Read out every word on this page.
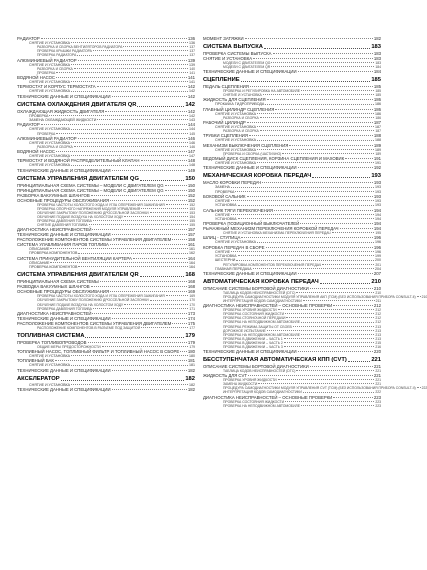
РАДИАТОР	136
СНЯТИЕ И УСТАНОВКА	136
РАЗБОРКА И СБОРКА ВЕНТИЛЯТОРОВ РАДИАТОРА	137
ПРОВЕРКА КРЫШКИ РАДИАТОРА	137
ПРОВЕРКА РАДИАТОРА	137
АЛЮМИНИЕВЫЙ РАДИАТОР	139
СНЯТИЕ И УСТАНОВКА	139
РАЗБОРКА И СБОРКА	140
ПРОВЕРКА	141
ВОДЯНОЙ НАСОС	141
СНЯТИЕ И УСТАНОВКА	141
ТЕРМОСТАТ И КОРПУС ТЕРМОСТАТА	142
СНЯТИЕ И УСТАНОВКА	142
ТЕХНИЧЕСКИЕ ДАННЫЕ И СПЕЦИФИКАЦИИ	142
СИСТЕМА ОХЛАЖДЕНИЯ ДВИГАТЕЛЯ QR	142
ОХЛАЖДАЮЩАЯ ЖИДКОСТЬ ДВИГАТЕЛЯ	142
ПРОВЕРКА	142
ЗАМЕНА ОХЛАЖДАЮЩЕЙ ЖИДКОСТИ	143
РАДИАТОР	144
СНЯТИЕ И УСТАНОВКА	144
ПРОВЕРКА	145
АЛЮМИНИЕВЫЙ РАДИАТОР	146
СНЯТИЕ И УСТАНОВКА	146
РАЗБОРКА И СБОРКА	146
ВОДЯНОЙ НАСОС	147
СНЯТИЕ И УСТАНОВКА	147
ТЕРМОСТАТ И ВОДЯНОЙ РАСПРЕДЕЛИТЕЛЬНЫЙ КЛАПАН	148
СНЯТИЕ И УСТАНОВКА	148
ТЕХНИЧЕСКИЕ ДАННЫЕ И СПЕЦИФИКАЦИИ	149
СИСТЕМА УПРАВЛЕНИЯ ДВИГАТЕЛЕМ QG	150
ПРИНЦИПИАЛЬНАЯ СХЕМА СИСТЕМЫ – МОДЕЛИ С ДВИГАТЕЛЕМ QG	150
ПРИНЦИПИАЛЬНАЯ СХЕМА СИСТЕМЫ – МОДЕЛИ С ДВИГАТЕЛЕМ QG	150
РАЗБОРКА ВАКУУМНЫХ ШЛАНГОВ	152
ОСНОВНЫЕ ПРОЦЕДУРЫ ОБСЛУЖИВАНИЯ	152
ПРОВЕРКА ЧАСТОТЫ ХОЛОСТОГО ХОДА И УГЛА ОПЕРЕЖЕНИЯ ЗАЖИГАНИЯ	152
ПРОВЕРКА ОПОРНОГО НАПРЯЖЕНИЯ МОДУЛЯ УПРАВЛЕНИЯ	153
ОБУЧЕНИЕ ЗАКРЫТОМУ ПОЛОЖЕНИЮ ДРОССЕЛЬНОЙ ЗАСЛОНКИ	153
ОБУЧЕНИЕ ПОДАЧЕ ВОЗДУХА НА ХОЛОСТОМ ХОДУ	154
ПРОВЕРКА ДАВЛЕНИЯ ТОПЛИВА	155
СНЯТИЕ ДАВЛЕНИЯ ТОПЛИВА	155
ДИАГНОСТИКА НЕИСПРАВНОСТЕЙ	157
ТЕХНИЧЕСКИЕ ДАННЫЕ И СПЕЦИФИКАЦИИ	157
РАСПОЛОЖЕНИЕ КОМПОНЕНТОВ СИСТЕМЫ УПРАВЛЕНИЯ ДВИГАТЕЛЕМ	158
СИСТЕМА УЛАВЛИВАНИЯ ПАРОВ ТОПЛИВА	161
ОПИСАНИЕ	161
ПРОВЕРКА КОМПОНЕНТОВ	162
СИСТЕМА ПРИНУДИТЕЛЬНОЙ ВЕНТИЛЯЦИИ КАРТЕРА	164
ОПИСАНИЕ	164
ПРОВЕРКА КОМПОНЕНТОВ	164
СИСТЕМА УПРАВЛЕНИЯ ДВИГАТЕЛЕМ QR	168
ПРИНЦИПИАЛЬНАЯ СХЕМА СИСТЕМЫ	168
РАЗВОДКА ВАКУУМНЫХ ШЛАНГОВ	168
ОСНОВНЫЕ ПРОЦЕДУРЫ ОБСЛУЖИВАНИЯ	169
ПРОВЕРКА ЧАСТОТЫ ХОЛОСТОГО ХОДА И УГЛА ОПЕРЕЖЕНИЯ ЗАЖИГАНИЯ	169
ОБУЧЕНИЕ ЗАКРЫТОМУ ПОЛОЖЕНИЮ ДРОССЕЛЬНОЙ ЗАСЛОНКИ	170
ОБУЧЕНИЕ ПОДАЧЕ ВОЗДУХА НА ХОЛОСТОМ ХОДУ	170
ПРОВЕРКА ДАВЛЕНИЯ ТОПЛИВА	171
ДИАГНОСТИКА НЕИСПРАВНОСТЕЙ	173
ТЕХНИЧЕСКИЕ ДАННЫЕ И СПЕЦИФИКАЦИИ	174
РАСПОЛОЖЕНИЕ КОМПОНЕНТОВ СИСТЕМЫ УПРАВЛЕНИЯ ДВИГАТЕЛЕМ	175
РАСПОЛОЖЕНИЕ КОМПОНЕНТОВ В РАЗЪЕМЕ ПОД ЗАЩИТОЙ	177
ТОПЛИВНАЯ СИСТЕМА	179
ПРОВЕРКА ТОПЛИВОПРОВОДОВ	179
ОБЩИЕ МЕРЫ ПРЕДОСТОРОЖНОСТИ	179
ТОПЛИВНЫЙ НАСОС, ТОПЛИВНЫЙ ФИЛЬТР И ТОПЛИВНЫЙ НАСОС В СБОРЕ 180
СНЯТИЕ И УСТАНОВКА	180
ТОПЛИВНЫЙ БАК	181
СНЯТИЕ И УСТАНОВКА	181
ТЕХНИЧЕСКИЕ ДАННЫЕ И СПЕЦИФИКАЦИИ	182
АКСЕЛЕРАТОР	182
СНЯТИЕ И УСТАНОВКА	182
ТЕХНИЧЕСКИЕ ДАННЫЕ И СПЕЦИФИКАЦИИ	182
МОМЕНТ ЗАТЯЖКИ	182
СИСТЕМА ВЫПУСКА	183
ПРОВЕРКА СИСТЕМЫ ВЫПУСКА	183
СНЯТИЕ И УСТАНОВКА	183
МОДЕЛИ С ДВИГАТЕЛЕМ QG	183
МОДЕЛИ С ДВИГАТЕЛЕМ QR	184
ТЕХНИЧЕСКИЕ ДАННЫЕ И СПЕЦИФИКАЦИИ	184
СЦЕПЛЕНИЕ	185
ПЕДАЛЬ СЦЕПЛЕНИЯ	185
ПРОВЕРКА И РЕГУЛИРОВКА НА АВТОМОБИЛЕ	185
СНЯТИЕ И УСТАНОВКА	185
ЖИДКОСТЬ ДЛЯ СЦЕПЛЕНИЯ	186
ПРОКАЧКА ГИДРОПРИВОДА	186
ГЛАВНЫЙ ЦИЛИНДР СЦЕПЛЕНИЯ	186
СНЯТИЕ И УСТАНОВКА	186
РАЗБОРКА И СБОРКА	186
РАБОЧИЙ ЦИЛИНДР	187
СНЯТИЕ И УСТАНОВКА	187
РАЗБОРКА И СБОРКА	187
ТРУБКИ СЦЕПЛЕНИЯ	188
СНЯТИЕ И УСТАНОВКА	188
МЕХАНИЗМ ВЫКЛЮЧЕНИЯ СЦЕПЛЕНИЯ	189
СНЯТИЕ И УСТАНОВКА	189
ПРОВЕРКА И СБОРКА (ЧАСТИЧНО)	189
ВЕДОМЫЙ ДИСК СЦЕПЛЕНИЯ, КОРЗИНА СЦЕПЛЕНИЯ И МАХОВИК	191
СНЯТИЕ И УСТАНОВКА	191
ТЕХНИЧЕСКИЕ ДАННЫЕ И СПЕЦИФИКАЦИИ	192
МЕХАНИЧЕСКАЯ КОРОБКА ПЕРЕДАЧ	193
МАСЛО КОРОБКИ ПЕРЕДАЧ	193
ЗАМЕНА	193
ПРОВЕРКА	193
БОКОВОЙ САЛЬНИК	193
СНЯТИЕ	193
УСТАНОВКА	193
САЛЬНИК ТЯГИ ПЕРЕКЛЮЧЕНИЯ	194
СНЯТИЕ	194
УСТАНОВКА	194
ПРОВЕРКА ПОЗИЦИОННЫЙ ВЫКЛЮЧАТЕЛЕЙ	194
РЫЧАЖНЫЙ МЕХАНИЗМ ПЕРЕКЛЮЧЕНИЯ КОРОБКОЙ ПЕРЕДАЧ	194
СНЯТИЕ И УСТАНОВКА МЕХАНИЗМА ПЕРЕКЛЮЧЕНИЯ ПЕРЕДАЧ	195
ШЛИЦ - СТУПИЦА	196
СНЯТИЕ И УСТАНОВКА	196
КОРОБКА ПЕРЕДАЧ В СБОРЕ	196
СНЯТИЕ	196
УСТАНОВКА	199
ШЕСТЕРНИ	200
РЕГУЛИРОВКА КОМПОНЕНТОВ ПЕРЕКЛЮЧЕНИЯ ПЕРЕДАЧ	201
ГЛАВНАЯ ПЕРЕДАЧА	204
ТЕХНИЧЕСКИЕ ДАННЫЕ И СПЕЦИФИКАЦИИ	207
АВТОМАТИЧЕСКАЯ КОРОБКА ПЕРЕДАЧ	210
ОПИСАНИЕ СИСТЕМЫ БОРТОВОЙ ДИАГНОСТИКИ	210
ТАБЛИЦА КОДОВ НЕИСПРАВНОСТЕЙ (DTC)	210
ПРОЦЕДУРА САМОДИАГНОСТИКИ МОДУЛЯ УПРАВЛЕНИЯ АКП (TCM) (БЕЗ ИСПОЛЬЗОВАНИЯ ПРИБОРА CONSULT-II) 210
ИНТЕРПРЕТАЦИЯ КОДОВ САМОДИАГНОСТИКИ	211
ДИАГНОСТИКА НЕИСПРАВНОСТЕЙ – ОСНОВНЫЕ ПРОВЕРКИ	212
ПРОВЕРКА УРОВНЯ ЖИДКОСТИ	212
ПРОВЕРКА СОСТОЯНИЯ ЖИДКОСТИ	212
ПРОВЕРКА СТОЯНОЧНОЙ ПЕРЕДАЧИ	212
ПРОВЕРКА НА НЕПОДВИЖНОМ АВТОМОБИЛЕ	212
ПРОВЕРКА РЕЖИМА ЗАЩИТЫ ОТ СБОЕВ	213
ДОРОЖНОЕ ИСПЫТАНИЕ	213
ПРОВЕРКА НА НЕПОДВИЖНОМ АВТОМОБИЛЕ	213
ПРОВЕРКА В ДВИЖЕНИИ – ЧАСТЬ 1	213
ПРОВЕРКА В ДВИЖЕНИИ – ЧАСТЬ 2	215
ПРОВЕРКА В ДВИЖЕНИИ – ЧАСТЬ 3	216
ТЕХНИЧЕСКИЕ ДАННЫЕ И СПЕЦИФИКАЦИИ	220
БЕССТУПЕНЧАТАЯ АВТОМАТИЧЕСКАЯ КПП (CVT)	221
ОПИСАНИЕ СИСТЕМЫ БОРТОВОЙ ДИАГНОСТИКИ	221
ТАБЛИЦА КОДОВ НЕИСПРАВНОСТЕЙ (DTC)	221
ЖИДКОСТЬ ДЛЯ CVT	221
ПРОВЕРКА УРОВНЯ ЖИДКОСТИ	221
ЗАМЕНА ЖИДКОСТИ	221
ПРОЦЕДУРА САМОДИАГНОСТИКИ МОДУЛЯ УПРАВЛЕНИЯ CVT (TCM) (БЕЗ ИСПОЛЬЗОВАНИЯ ПРИБОРА CONSULT-II) 222
ИНТЕРПРЕТАЦИЯ КОДОВ САМОДИАГНОСТИКИ	222
ДИАГНОСТИКА НЕИСПРАВНОСТЕЙ – ОСНОВНЫЕ ПРОВЕРКИ	223
ПРОВЕРКА СОСТОЯНИЯ ЖИДКОСТИ	223
ПРОВЕРКА НА НЕПОДВИЖНОМ АВТОМОБИЛЕ	223
